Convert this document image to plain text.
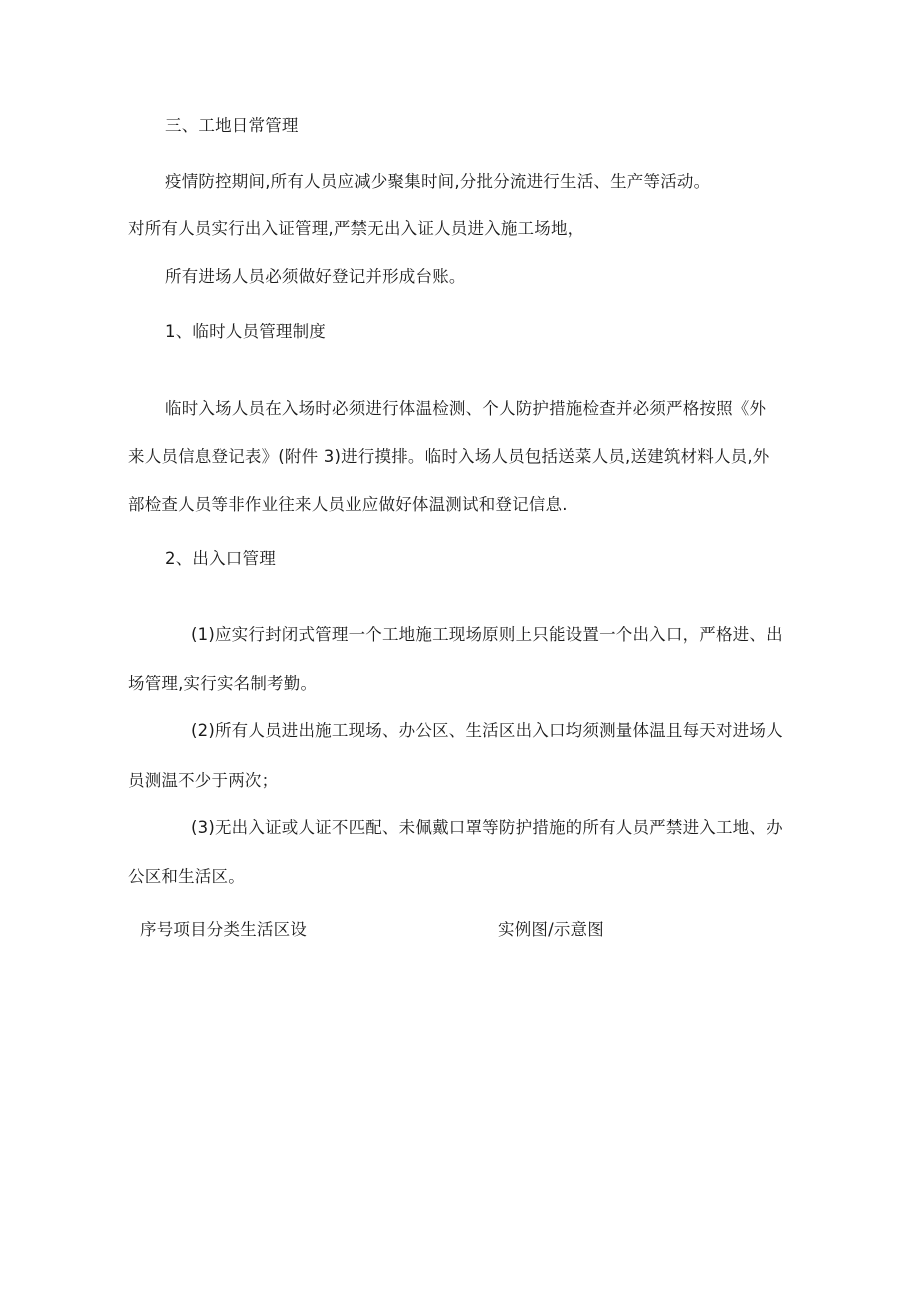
三、工地日常管理
疫情防控期间,所有人员应减少聚集时间,分批分流进行生活、生产等活动。
对所有人员实行出入证管理,严禁无出入证人员进入施工场地，
所有进场人员必须做好登记并形成台账。
1、临时人员管理制度
临时入场人员在入场时必须进行体温检测、个人防护措施检查并必须严格按照《外
来人员信息登记表》(附件 3)进行摸排。临时入场人员包括送菜人员,送建筑材料人员,外
部检查人员等非作业往来人员业应做好体温测试和登记信息.
2、出入口管理
(1)应实行封闭式管理一个工地施工现场原则上只能设置一个出入口，严格进、出
场管理,实行实名制考勤。
(2)所有人员进出施工现场、办公区、生活区出入口均须测量体温且每天对进场人
员测温不少于两次；
(3)无出入证或人证不匹配、未佩戴口罩等防护措施的所有人员严禁进入工地、办
公区和生活区。
序号项目分类生活区设	实例图/示意图
